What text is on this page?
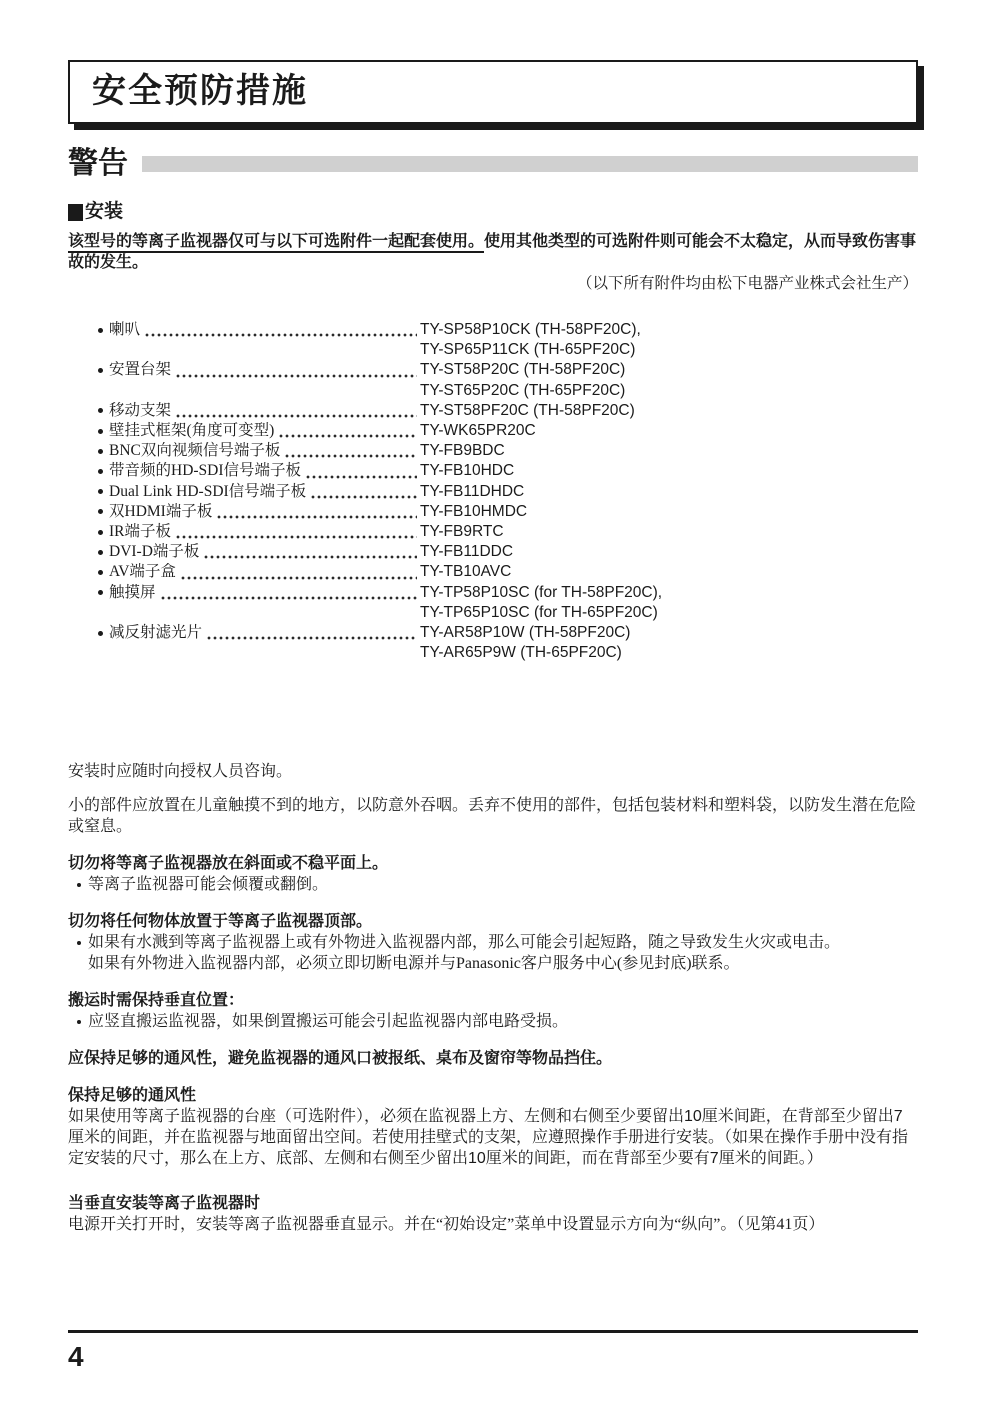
安全预防措施
警告
安装
该型号的等离子监视器仅可与以下可选附件一起配套使用。使用其他类型的可选附件则可能会不太稳定，从而导致伤害事故的发生。
（以下所有附件均由松下电器产业株式会社生产）
喇叭	TY-SP58P10CK (TH-58PF20C),
TY-SP65P11CK (TH-65PF20C)
安置台架	TY-ST58P20C (TH-58PF20C)
TY-ST65P20C (TH-65PF20C)
移动支架	TY-ST58PF20C (TH-58PF20C)
壁挂式框架(角度可变型)	TY-WK65PR20C
BNC双向视频信号端子板	TY-FB9BDC
带音频的HD-SDI信号端子板	TY-FB10HDC
Dual Link HD-SDI信号端子板	TY-FB11DHDC
双HDMI端子板	TY-FB10HMDC
IR端子板	TY-FB9RTC
DVI-D端子板	TY-FB11DDC
AV端子盒	TY-TB10AVC
触摸屏	TY-TP58P10SC (for TH-58PF20C),
TY-TP65P10SC (for TH-65PF20C)
减反射滤光片	TY-AR58P10W (TH-58PF20C)
TY-AR65P9W (TH-65PF20C)
安装时应随时向授权人员咨询。
小的部件应放置在儿童触摸不到的地方，以防意外吞咽。丢弃不使用的部件，包括包装材料和塑料袋，以防发生潜在危险或窒息。
切勿将等离子监视器放在斜面或不稳平面上。
等离子监视器可能会倾覆或翻倒。
切勿将任何物体放置于等离子监视器顶部。
如果有水溅到等离子监视器上或有外物进入监视器内部，那么可能会引起短路，随之导致发生火灾或电击。
如果有外物进入监视器内部，必须立即切断电源并与Panasonic客户服务中心(参见封底)联系。
搬运时需保持垂直位置：
应竖直搬运监视器，如果倒置搬运可能会引起监视器内部电路受损。
应保持足够的通风性，避免监视器的通风口被报纸、桌布及窗帘等物品挡住。
保持足够的通风性
如果使用等离子监视器的台座（可选附件），必须在监视器上方、左侧和右侧至少要留出10厘米间距，在背部至少留出7厘米的间距，并在监视器与地面留出空间。若使用挂壁式的支架，应遵照操作手册进行安装。（如果在操作手册中没有指定安装的尺寸，那么在上方、底部、左侧和右侧至少留出10厘米的间距，而在背部至少要有7厘米的间距。）
当垂直安装等离子监视器时
电源开关打开时，安装等离子监视器垂直显示。并在“初始设定”菜单中设置显示方向为“纵向”。（见第41页）
4
